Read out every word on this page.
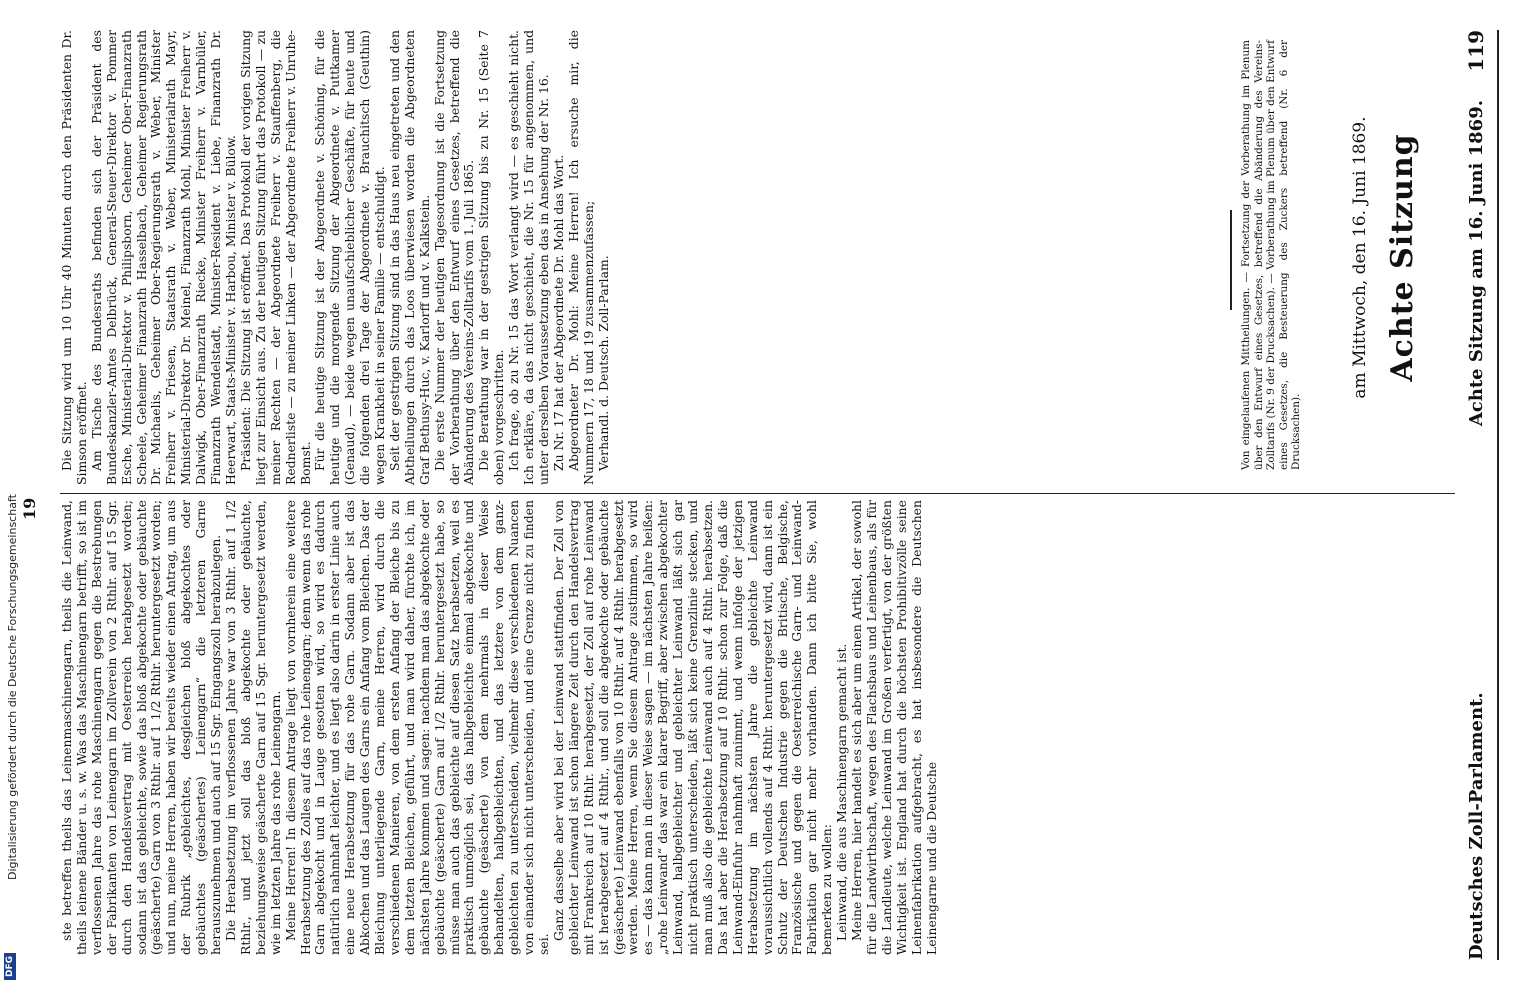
Deutsches Zoll-Parlament.
Achte Sitzung am 16. Juni 1869.
119

ste betreffen theils das Leinenmaschinengarn, theils die Leinwand, theils leinene Bänder u. s. w. Was das Maschinengarn betrifft, so ist im verflossenen Jahre das rohe Maschinengarn gegen die Bestrebungen der Fabrikanten von Leinengarn im Zollverein von 2 Rthlr. auf 15 Sgr. durch den Handelsvertrag mit Oesterreich herabgesetzt worden; sodann ist das gebleichte, sowie das bloß abgekochte oder gebäuchte (geäscherte) Garn von 3 Rthlr. auf 1 1/2 Rthlr. heruntergesetzt worden; und nun, meine Herren, haben wir bereits wieder einen Antrag, um aus der Rubrik „gebleichtes, desgleichen bloß abgekochtes oder gebäuchtes (geäschertes) Leinengarn“ die letzteren Garne herauszunehmen und auch auf 15 Sgr. Eingangszoll herabzulegen. Die Herabsetzung im verflossenen Jahre war von 3 Rthlr. auf 1 1/2 Rthlr., und jetzt soll das bloß abgekochte oder gebäuchte, beziehungsweise geäscherte Garn auf 15 Sgr. heruntergesetzt werden, wie im letzten Jahre das rohe Leinengarn. Meine Herren! In diesem Antrage liegt von vornherein eine weitere Herabsetzung des Zolles auf das rohe Leinengarn; denn wenn das rohe Garn abgekocht und in Lauge gesotten wird, so wird es dadurch natürlich nahmhaft leichter, und es liegt also darin in erster Linie auch eine neue Herabsetzung für das rohe Garn. Sodann aber ist das Abkochen und das Laugen des Garns ein Anfang vom Bleichen. Das der Bleichung unterliegende Garn, meine Herren, wird durch die verschiedenen Manieren, von dem ersten Anfang der Bleiche bis zu dem letzten Bleichen, geführt, und man wird daher, fürchte ich, im nächsten Jahre kommen und sagen: nachdem man das abgekochte oder gebäuchte (geäscherte) Garn auf 1/2 Rthlr. heruntergesetzt habe, so müsse man auch das gebleichte auf diesen Satz herabsetzen, weil es praktisch unmöglich sei, das halbgebleichte einmal abgekochte und gebäuchte (geäscherte) von dem mehrmals in dieser Weise behandelten, halbgebleichten, und das letztere von dem ganz-gebleichten zu unterscheiden, vielmehr diese verschiedenen Nuancen von einander sich nicht unterscheiden, und eine Grenze nicht zu finden sei.

Ganz dasselbe aber wird bei der Leinwand stattfinden. Der Zoll von gebleichter Leinwand ist schon längere Zeit durch den Handelsvertrag mit Frankreich auf 10 Rthlr. herabgesetzt, der Zoll auf rohe Leinwand ist herabgesetzt auf 4 Rthlr., und soll die abgekochte oder gebäuchte (geäscherte) Leinwand ebenfalls von 10 Rthlr. auf 4 Rthlr. herabgesetzt werden. Meine Herren, wenn Sie diesem Antrage zustimmen, so wird es — das kann man in dieser Weise sagen — im nächsten Jahre heißen: „rohe Leinwand“ das war ein klarer Begriff, aber zwischen abgekochter Leinwand, halbgebleichter und gebleichter Leinwand läßt sich gar nicht praktisch unterscheiden, läßt sich keine Grenzlinie stecken, und man muß also die gebleichte Leinwand auch auf 4 Rthlr. herabsetzen. Das hat aber die Herabsetzung auf 10 Rthlr. schon zur Folge, daß die Leinwand-Einfuhr nahmhaft zunimmt, und wenn infolge der jetzigen Herabsetzung im nächsten Jahre die gebleichte Leinwand voraussichtlich vollends auf 4 Rthlr. heruntergesetzt wird, dann ist ein Schutz der Deutschen Industrie gegen die Britische, Belgische, Französische und gegen die Oesterreichische Garn- und Leinwand-Fabrikation gar nicht mehr vorhanden. Dann ich bitte Sie, wohl bemerken zu wollen: Leinwand, die aus Maschinengarn gemacht ist. Meine Herren, hier handelt es sich aber um einen Artikel, der sowohl für die Landwirthschaft, wegen des Flachsbaus und Leinenbaus, als für die Landleute, welche Leinwand im Großen verfertigt, von der größten Wichtigkeit ist. England hat durch die höchsten Prohibitivzölle seine Leinenfabrikation aufgebracht, es hat insbesondere die Deutschen Leinengarne und die Deutsche

Achte Sitzung
am Mittwoch, den 16. Juni 1869.
Von eingelaufenen Mittheilungen. — Fortsetzung der Vorberathung im Plenum über den Entwurf eines Gesetzes, betreffend die Abänderung des Vereins-Zolltarifs (Nr. 9 der Drucksachen). — Vorberathung im Plenum über den Entwurf eines Gesetzes, die Besteuerung des Zuckers betreffend (Nr. 6 der Drucksachen).

Die Sitzung wird um 10 Uhr 40 Minuten durch den Präsidenten Dr. Simson eröffnet. Am Tische des Bundesraths befinden sich der Präsident des Bundeskanzler-Amtes Delbrück, General-Steuer-Direktor v. Pommer Esche, Ministerial-Direktor v. Philipsborn, Geheimer Ober-Finanzrath Scheele, Geheimer Finanzrath Hasselbach, Geheimer Regierungsrath Dr. Michaelis, Geheimer Ober-Regierungsrath v. Weber, Minister Freiherr v. Friesen, Staatsrath v. Weber, Ministerialrath Mayr, Ministerial-Direktor Dr. Meinel, Finanzrath Mohl, Minister Freiherr v. Dalwigk, Ober-Finanzrath Riecke, Minister Freiherr v. Varnbüler, Finanzrath Wendelstadt, Minister-Resident v. Liebe, Finanzrath Dr. Heerwart, Staats-Minister v. Harbou, Minister v. Bülow. Präsident: Die Sitzung ist eröffnet. Das Protokoll der vorigen Sitzung liegt zur Einsicht aus. Zu der heutigen Sitzung führt das Protokoll — zu meiner Rechten — der Abgeordnete Freiherr v. Stauffenberg, die Rednerliste — zu meiner Linken — der Abgeordnete Freiherr v. Unruhe-Bomst. Für die heutige Sitzung ist der Abgeordnete v. Schöning, für die heutige und die morgende Sitzung der Abgeordnete v. Puttkamer (Genaud), — beide wegen unaufschieblicher Geschäfte, für heute und die folgenden drei Tage der Abgeordnete v. Brauchitsch (Geuthin) wegen Krankheit in seiner Familie — entschuldigt. Seit der gestrigen Sitzung sind in das Haus neu eingetreten und den Abtheilungen durch das Loos überwiesen worden die Abgeordneten Graf Bethusy-Huc, v. Karlorff und v. Kalkstein. Die erste Nummer der heutigen Tagesordnung ist die Fortsetzung der Vorberathung über den Entwurf eines Gesetzes, betreffend die Abänderung des Vereins-Zolltarifs vom 1. Juli 1865. Die Berathung war in der gestrigen Sitzung bis zu Nr. 15 (Seite 7 oben) vorgeschritten. Ich frage, ob zu Nr. 15 das Wort verlangt wird — es geschieht nicht. Ich erkläre, da das nicht geschieht, die Nr. 15 für angenommen, und unter derselben Voraussetzung eben das in Ansehung der Nr. 16. Zu Nr. 17 hat der Abgeordnete Dr. Mohl das Wort. Abgeordneter Dr. Mohl: Meine Herren! Ich ersuche mir, die Nummern 17, 18 und 19 zusammenzufassen; Verhandl. d. Deutsch. Zoll-Parlam.

19
Digitalisierung gefördert durch die Deutsche Forschungsgemeinschaft
DFG
